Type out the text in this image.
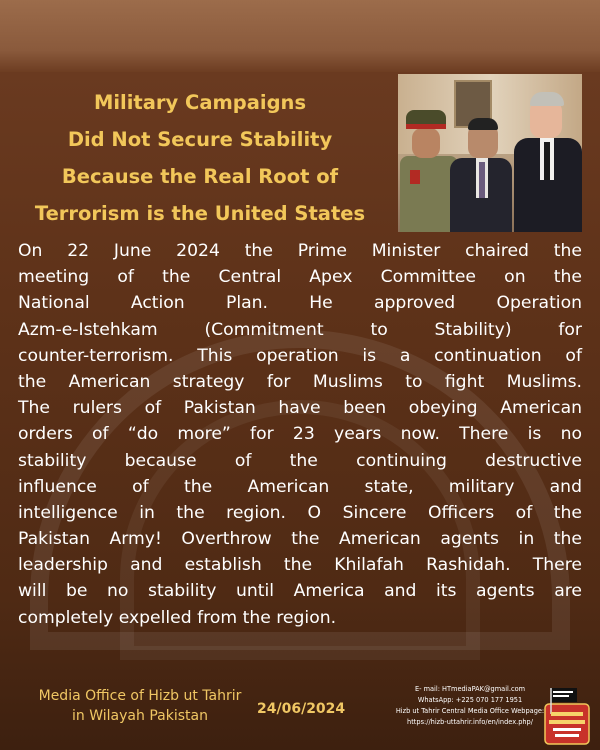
Military Campaigns
Did Not Secure Stability
Because the Real Root of
Terrorism is the United States
On 22 June 2024 the Prime Minister chaired the
meeting of the Central Apex Committee on the
National Action Plan. He approved Operation
Azm-e-Istehkam (Commitment to Stability) for
counter-terrorism. This operation is a continuation of
the American strategy for Muslims to fight Muslims.
The rulers of Pakistan have been obeying American
orders of “do more” for 23 years now. There is no
stability because of the continuing destructive
influence of the American state, military and
intelligence in the region. O Sincere Officers of the
Pakistan Army! Overthrow the American agents in the
leadership and establish the Khilafah Rashidah. There
will be no stability until America and its agents are
completely expelled from the region.
Media Office of Hizb ut Tahrir
in Wilayah Pakistan	24/06/2024
E- mail: HTmediaPAK@gmail.com
WhatsApp: +225 070 177 1951
Hizb ut Tahrir Central Media Office Webpage:
https://hizb-uttahrir.info/en/index.php/
